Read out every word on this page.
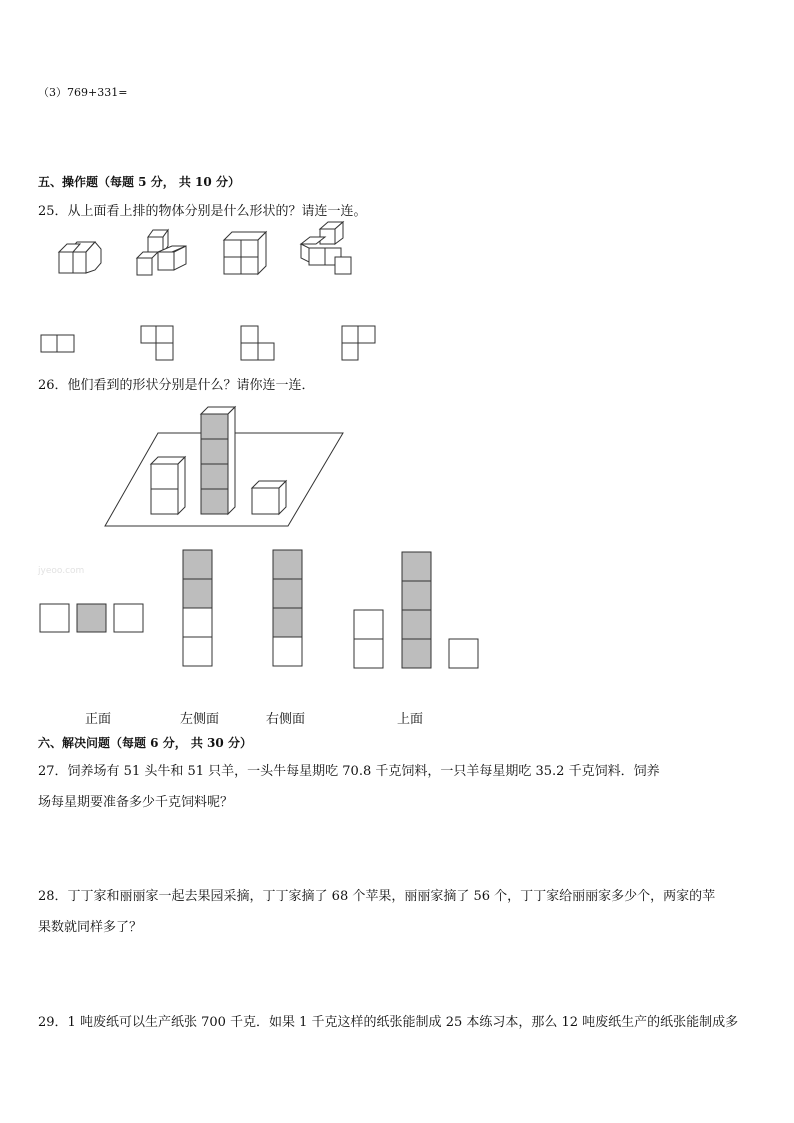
（3）769+331=
五、操作题（每题 5 分， 共 10 分）
25．从上面看上排的物体分别是什么形状的？请连一连。
26．他们看到的形状分别是什么？请你连一连．
jyeoo.com
正面	左侧面	右侧面	上面
六、解决问题（每题 6 分， 共 30 分）
27．饲养场有 51 头牛和 51 只羊，一头牛每星期吃 70.8 千克饲料，一只羊每星期吃 35.2 千克饲料．饲养
场每星期要准备多少千克饲料呢？
28．丁丁家和丽丽家一起去果园采摘，丁丁家摘了 68 个苹果，丽丽家摘了 56 个，丁丁家给丽丽家多少个，两家的苹
果数就同样多了？
29．1 吨废纸可以生产纸张 700 千克．如果 1 千克这样的纸张能制成 25 本练习本，那么 12 吨废纸生产的纸张能制成多
